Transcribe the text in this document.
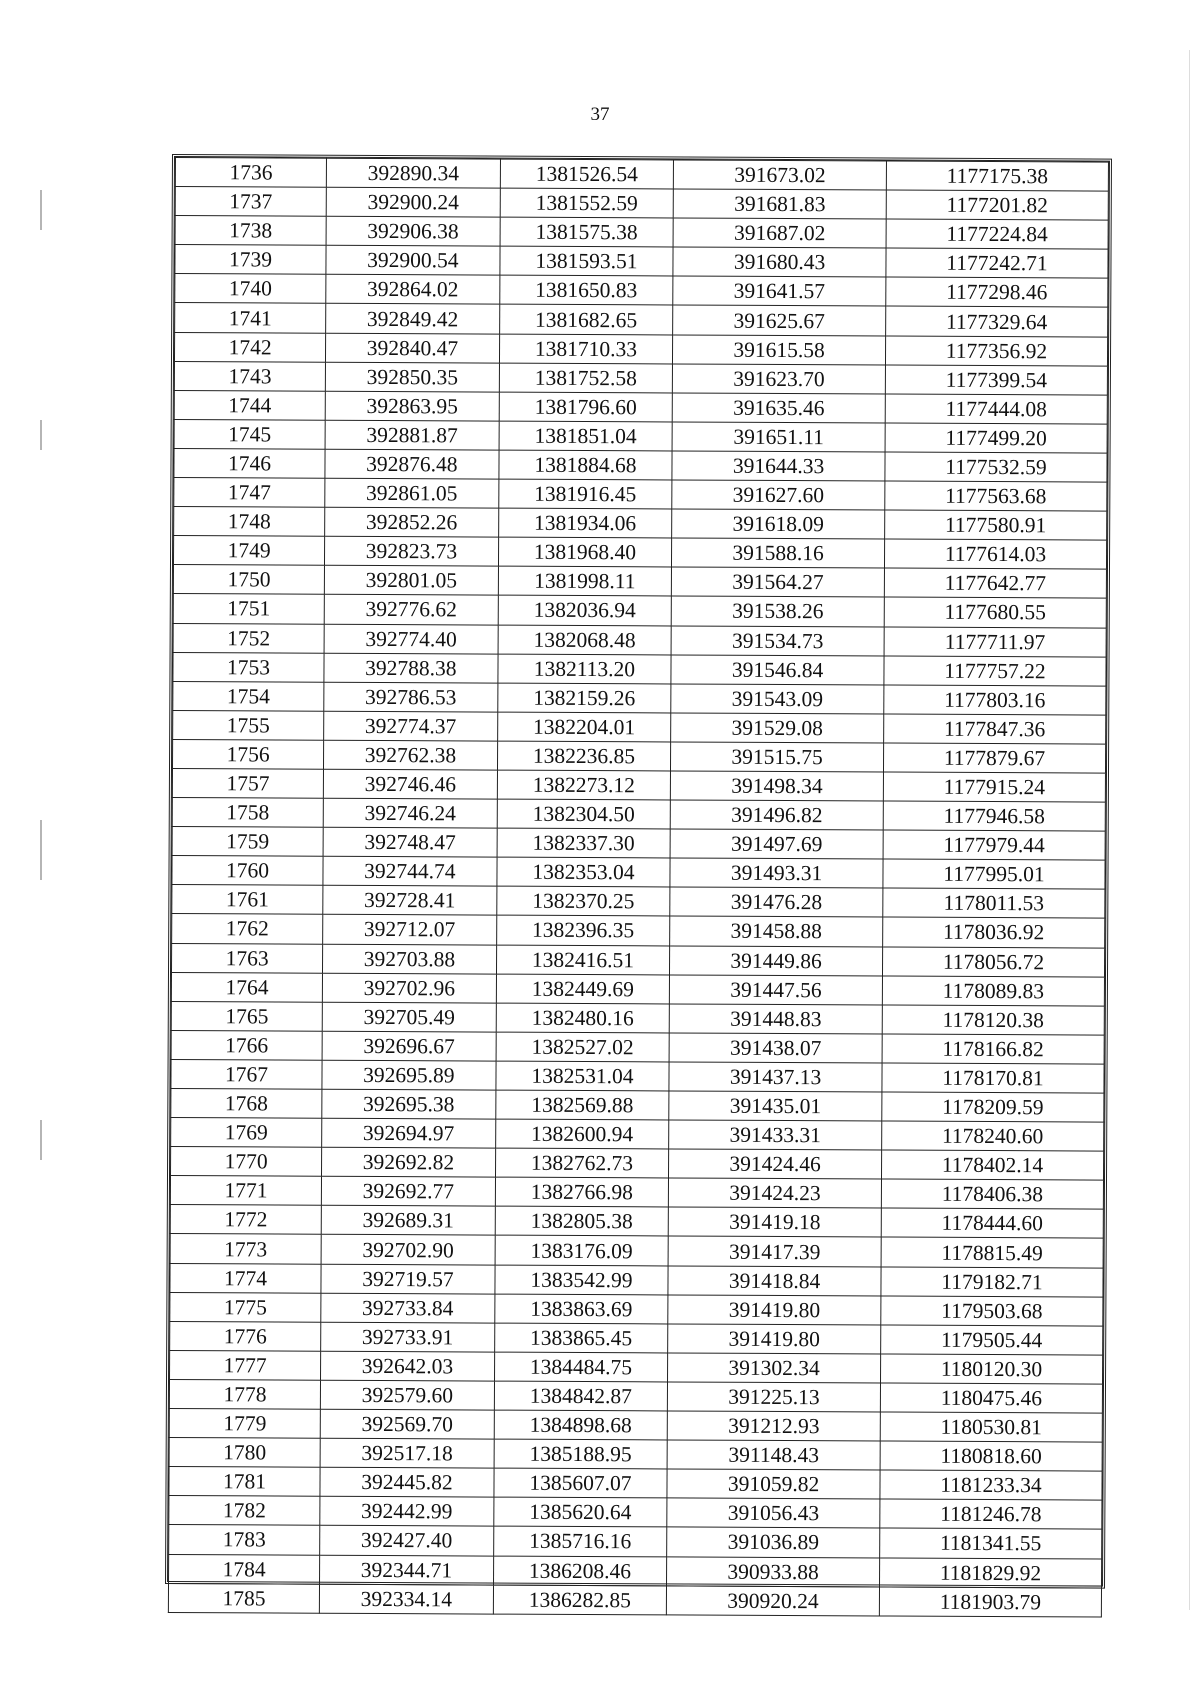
37
1736	392890.34	1381526.54	391673.02	1177175.38
1737	392900.24	1381552.59	391681.83	1177201.82
1738	392906.38	1381575.38	391687.02	1177224.84
1739	392900.54	1381593.51	391680.43	1177242.71
1740	392864.02	1381650.83	391641.57	1177298.46
1741	392849.42	1381682.65	391625.67	1177329.64
1742	392840.47	1381710.33	391615.58	1177356.92
1743	392850.35	1381752.58	391623.70	1177399.54
1744	392863.95	1381796.60	391635.46	1177444.08
1745	392881.87	1381851.04	391651.11	1177499.20
1746	392876.48	1381884.68	391644.33	1177532.59
1747	392861.05	1381916.45	391627.60	1177563.68
1748	392852.26	1381934.06	391618.09	1177580.91
1749	392823.73	1381968.40	391588.16	1177614.03
1750	392801.05	1381998.11	391564.27	1177642.77
1751	392776.62	1382036.94	391538.26	1177680.55
1752	392774.40	1382068.48	391534.73	1177711.97
1753	392788.38	1382113.20	391546.84	1177757.22
1754	392786.53	1382159.26	391543.09	1177803.16
1755	392774.37	1382204.01	391529.08	1177847.36
1756	392762.38	1382236.85	391515.75	1177879.67
1757	392746.46	1382273.12	391498.34	1177915.24
1758	392746.24	1382304.50	391496.82	1177946.58
1759	392748.47	1382337.30	391497.69	1177979.44
1760	392744.74	1382353.04	391493.31	1177995.01
1761	392728.41	1382370.25	391476.28	1178011.53
1762	392712.07	1382396.35	391458.88	1178036.92
1763	392703.88	1382416.51	391449.86	1178056.72
1764	392702.96	1382449.69	391447.56	1178089.83
1765	392705.49	1382480.16	391448.83	1178120.38
1766	392696.67	1382527.02	391438.07	1178166.82
1767	392695.89	1382531.04	391437.13	1178170.81
1768	392695.38	1382569.88	391435.01	1178209.59
1769	392694.97	1382600.94	391433.31	1178240.60
1770	392692.82	1382762.73	391424.46	1178402.14
1771	392692.77	1382766.98	391424.23	1178406.38
1772	392689.31	1382805.38	391419.18	1178444.60
1773	392702.90	1383176.09	391417.39	1178815.49
1774	392719.57	1383542.99	391418.84	1179182.71
1775	392733.84	1383863.69	391419.80	1179503.68
1776	392733.91	1383865.45	391419.80	1179505.44
1777	392642.03	1384484.75	391302.34	1180120.30
1778	392579.60	1384842.87	391225.13	1180475.46
1779	392569.70	1384898.68	391212.93	1180530.81
1780	392517.18	1385188.95	391148.43	1180818.60
1781	392445.82	1385607.07	391059.82	1181233.34
1782	392442.99	1385620.64	391056.43	1181246.78
1783	392427.40	1385716.16	391036.89	1181341.55
1784	392344.71	1386208.46	390933.88	1181829.92
1785	392334.14	1386282.85	390920.24	1181903.79
